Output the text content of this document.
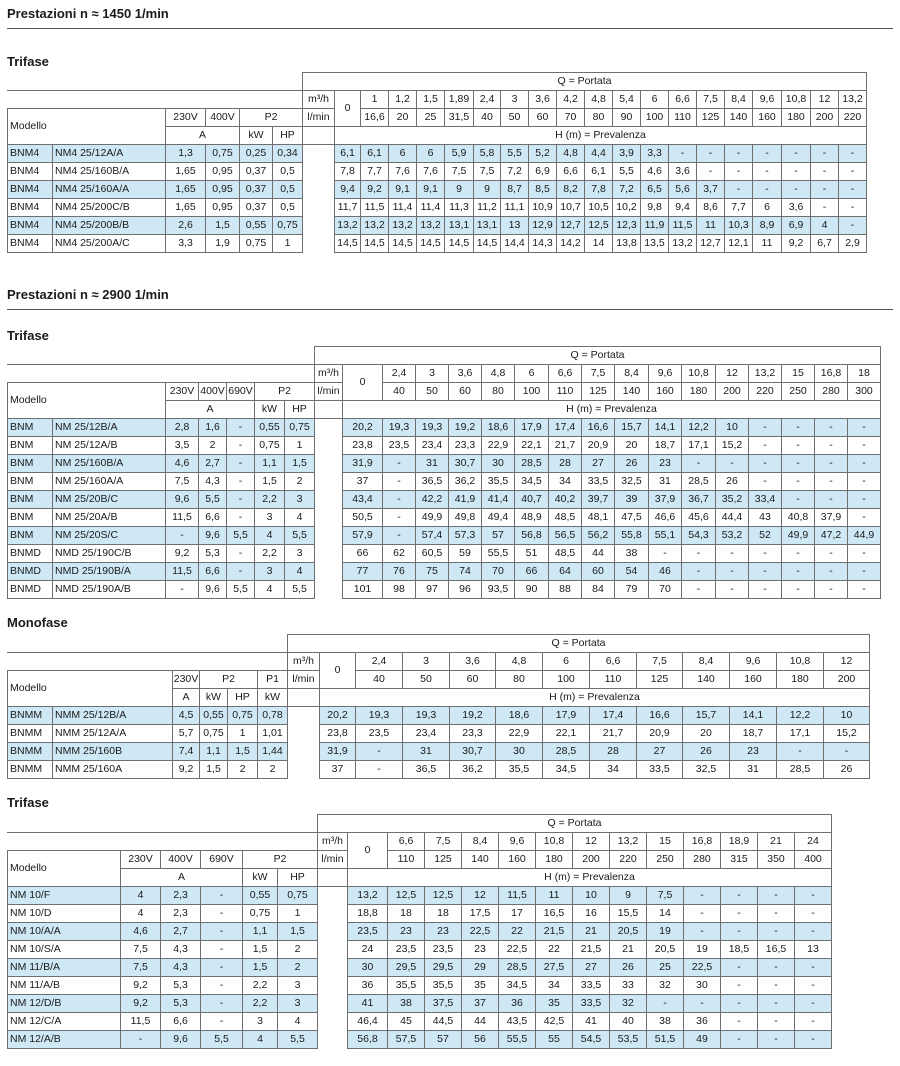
Prestazioni n ≈ 1450 1/min
Trifase
						Q = Portata																			
						m³/h	0	1	1,2	1,5	1,89	2,4	3	3,6	4,2	4,8	5,4	6	6,6	7,5	8,4	9,6	10,8	12	13,2
Modello		230V	400V	P2		l/min		16,6	20	25	31,5	40	50	60	70	80	90	100	110	125	140	160	180	200	220
		A		kW	HP		H (m) = Prevalenza																		
BNM4	NM4 25/12A/A	1,3	0,75	0,25	0,34		6,1	6,1	6	6	5,9	5,8	5,5	5,2	4,8	4,4	3,9	3,3	-	-	-	-	-	-	-
BNM4	NM4 25/160B/A	1,65	0,95	0,37	0,5		7,8	7,7	7,6	7,6	7,5	7,5	7,2	6,9	6,6	6,1	5,5	4,6	3,6	-	-	-	-	-	-
BNM4	NM4 25/160A/A	1,65	0,95	0,37	0,5		9,4	9,2	9,1	9,1	9	9	8,7	8,5	8,2	7,8	7,2	6,5	5,6	3,7	-	-	-	-	-
BNM4	NM4 25/200C/B	1,65	0,95	0,37	0,5		11,7	11,5	11,4	11,4	11,3	11,2	11,1	10,9	10,7	10,5	10,2	9,8	9,4	8,6	7,7	6	3,6	-	-
BNM4	NM4 25/200B/B	2,6	1,5	0,55	0,75		13,2	13,2	13,2	13,2	13,1	13,1	13	12,9	12,7	12,5	12,3	11,9	11,5	11	10,3	8,9	6,9	4	-
BNM4	NM4 25/200A/C	3,3	1,9	0,75	1		14,5	14,5	14,5	14,5	14,5	14,5	14,4	14,3	14,2	14	13,8	13,5	13,2	12,7	12,1	11	9,2	6,7	2,9
Prestazioni n ≈ 2900 1/min
Trifase
							Q = Portata																
							m³/h	0	2,4	3	3,6	4,8	6	6,6	7,5	8,4	9,6	10,8	12	13,2	15	16,8	18
Modello		230V	400V	690V	P2		l/min		40	50	60	80	100	110	125	140	160	180	200	220	250	280	300
		A			kW	HP		H (m) = Prevalenza															
BNM	NM 25/12B/A	2,8	1,6	-	0,55	0,75		20,2	19,3	19,3	19,2	18,6	17,9	17,4	16,6	15,7	14,1	12,2	10	-	-	-	-
BNM	NM 25/12A/B	3,5	2	-	0,75	1		23,8	23,5	23,4	23,3	22,9	22,1	21,7	20,9	20	18,7	17,1	15,2	-	-	-	-
BNM	NM 25/160B/A	4,6	2,7	-	1,1	1,5		31,9	-	31	30,7	30	28,5	28	27	26	23	-	-	-	-	-	-
BNM	NM 25/160A/A	7,5	4,3	-	1,5	2		37	-	36,5	36,2	35,5	34,5	34	33,5	32,5	31	28,5	26	-	-	-	-
BNM	NM 25/20B/C	9,6	5,5	-	2,2	3		43,4	-	42,2	41,9	41,4	40,7	40,2	39,7	39	37,9	36,7	35,2	33,4	-	-	-
BNM	NM 25/20A/B	11,5	6,6	-	3	4		50,5	-	49,9	49,8	49,4	48,9	48,5	48,1	47,5	46,6	45,6	44,4	43	40,8	37,9	-
BNM	NM 25/20S/C	-	9,6	5,5	4	5,5		57,9	-	57,4	57,3	57	56,8	56,5	56,2	55,8	55,1	54,3	53,2	52	49,9	47,2	44,9
BNMD	NMD 25/190C/B	9,2	5,3	-	2,2	3		66	62	60,5	59	55,5	51	48,5	44	38	-	-	-	-	-	-	-
BNMD	NMD 25/190B/A	11,5	6,6	-	3	4		77	76	75	74	70	66	64	60	54	46	-	-	-	-	-	-
BNMD	NMD 25/190A/B	-	9,6	5,5	4	5,5		101	98	97	96	93,5	90	88	84	79	70	-	-	-	-	-	-
Monofase
						Q = Portata												
						m³/h	0	2,4	3	3,6	4,8	6	6,6	7,5	8,4	9,6	10,8	12
Modello		230V	P2		P1	l/min		40	50	60	80	100	110	125	140	160	180	200
		A	kW	HP	kW		H (m) = Prevalenza											
BNMM	NMM 25/12B/A	4,5	0,55	0,75	0,78		20,2	19,3	19,3	19,2	18,6	17,9	17,4	16,6	15,7	14,1	12,2	10
BNMM	NMM 25/12A/A	5,7	0,75	1	1,01		23,8	23,5	23,4	23,3	22,9	22,1	21,7	20,9	20	18,7	17,1	15,2
BNMM	NMM 25/160B	7,4	1,1	1,5	1,44		31,9	-	31	30,7	30	28,5	28	27	26	23	-	-
BNMM	NMM 25/160A	9,2	1,5	2	2		37	-	36,5	36,2	35,5	34,5	34	33,5	32,5	31	28,5	26
Trifase
						Q = Portata													
						m³/h	0	6,6	7,5	8,4	9,6	10,8	12	13,2	15	16,8	18,9	21	24
Modello	230V	400V	690V	P2		l/min		110	125	140	160	180	200	220	250	280	315	350	400
	A			kW	HP		H (m) = Prevalenza												
NM 10/F	4	2,3	-	0,55	0,75		13,2	12,5	12,5	12	11,5	11	10	9	7,5	-	-	-	-
NM 10/D	4	2,3	-	0,75	1		18,8	18	18	17,5	17	16,5	16	15,5	14	-	-	-	-
NM 10/A/A	4,6	2,7	-	1,1	1,5		23,5	23	23	22,5	22	21,5	21	20,5	19	-	-	-	-
NM 10/S/A	7,5	4,3	-	1,5	2		24	23,5	23,5	23	22,5	22	21,5	21	20,5	19	18,5	16,5	13
NM 11/B/A	7,5	4,3	-	1,5	2		30	29,5	29,5	29	28,5	27,5	27	26	25	22,5	-	-	-
NM 11/A/B	9,2	5,3	-	2,2	3		36	35,5	35,5	35	34,5	34	33,5	33	32	30	-	-	-
NM 12/D/B	9,2	5,3	-	2,2	3		41	38	37,5	37	36	35	33,5	32	-	-	-	-	-
NM 12/C/A	11,5	6,6	-	3	4		46,4	45	44,5	44	43,5	42,5	41	40	38	36	-	-	-
NM 12/A/B	-	9,6	5,5	4	5,5		56,8	57,5	57	56	55,5	55	54,5	53,5	51,5	49	-	-	-
